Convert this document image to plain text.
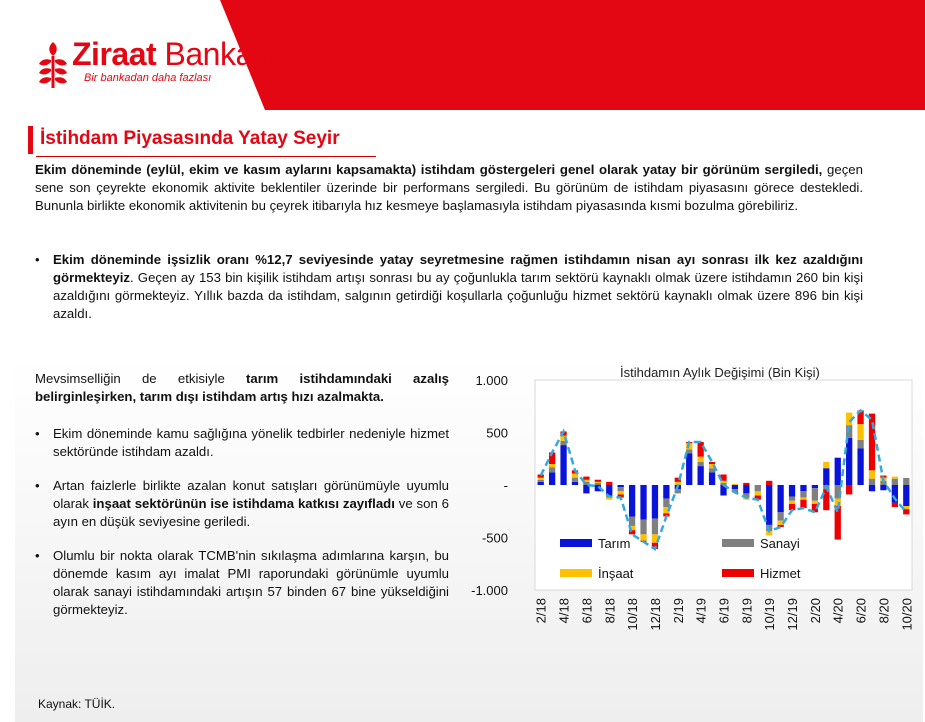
Ziraat Bankası
Bir bankadan daha fazlası
İstihdam Piyasasında Yatay Seyir
Ekim döneminde (eylül, ekim ve kasım aylarını kapsamakta) istihdam göstergeleri genel olarak yatay bir görünüm sergiledi, geçen sene son çeyrekte ekonomik aktivite beklentiler üzerinde bir performans sergiledi. Bu görünüm de istihdam piyasasını görece destekledi. Bununla birlikte ekonomik aktivitenin bu çeyrek itibarıyla hız kesmeye başlamasıyla istihdam piyasasında kısmi bozulma görebiliriz.
• Ekim döneminde işsizlik oranı %12,7 seviyesinde yatay seyretmesine rağmen istihdamın nisan ayı sonrası ilk kez azaldığını görmekteyiz. Geçen ay 153 bin kişilik istihdam artışı sonrası bu ay çoğunlukla tarım sektörü kaynaklı olmak üzere istihdamın 260 bin kişi azaldığını görmekteyiz. Yıllık bazda da istihdam, salgının getirdiği koşullarla çoğunluğu hizmet sektörü kaynaklı olmak üzere 896 bin kişi azaldı.
Mevsimselliğin de etkisiyle tarım istihdamındaki azalış belirginleşirken, tarım dışı istihdam artış hızı azalmakta.
• Ekim döneminde kamu sağlığına yönelik tedbirler nedeniyle hizmet sektöründe istihdam azaldı.
• Artan faizlerle birlikte azalan konut satışları görünümüyle uyumlu olarak inşaat sektörünün ise istihdama katkısı zayıfladı ve son 6 ayın en düşük seviyesine geriledi.
• Olumlu bir nokta olarak TCMB'nin sıkılaşma adımlarına karşın, bu dönemde kasım ayı imalat PMI raporundaki görünümle uyumlu olarak sanayi istihdamındaki artışın 57 binden 67 bine yükseldiğini görmekteyiz.
İstihdamın Aylık Değişimi (Bin Kişi)
1.000
500
-
-500
-1.000
2/18 4/18 6/18 8/18 10/18 12/18 2/19 4/19 6/19 8/19 10/19 12/19 2/20 4/20 6/20 8/20 10/20
Tarım	Sanayi
İnşaat	Hizmet
Kaynak: TÜİK.
